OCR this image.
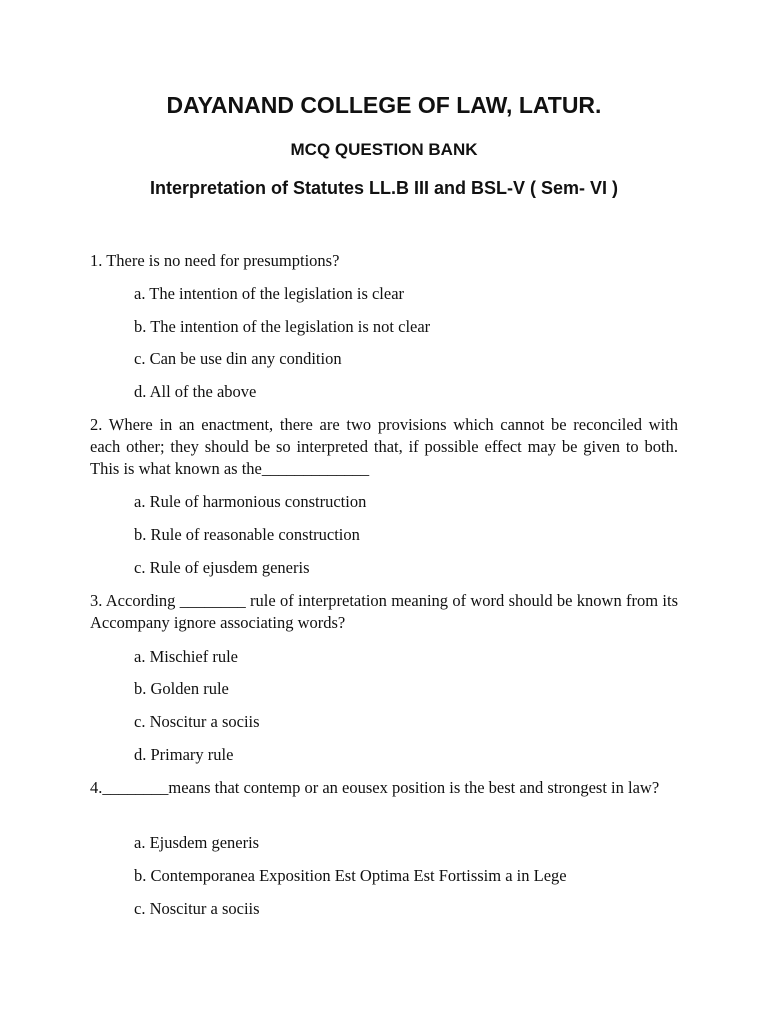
DAYANAND COLLEGE OF LAW, LATUR.
MCQ QUESTION BANK
Interpretation of Statutes LL.B III and BSL-V ( Sem- VI )
1. There is no need for presumptions?
a. The intention of the legislation is clear
b. The intention of the legislation is not clear
c. Can be use din any condition
d. All of the above
2. Where in an enactment, there are two provisions which cannot be reconciled with each other; they should be so interpreted that, if possible effect may be given to both. This is what known as the_____________
a. Rule of harmonious construction
b. Rule of reasonable construction
c. Rule of ejusdem generis
3. According ________ rule of interpretation meaning of word should be known from its Accompany ignore associating words?
a. Mischief rule
b. Golden rule
c. Noscitur a sociis
d. Primary rule
4.________means that contemp or an eousex position is the best and strongest in law?
a. Ejusdem generis
b. Contemporanea Exposition Est Optima Est Fortissim a in Lege
c. Noscitur a sociis
